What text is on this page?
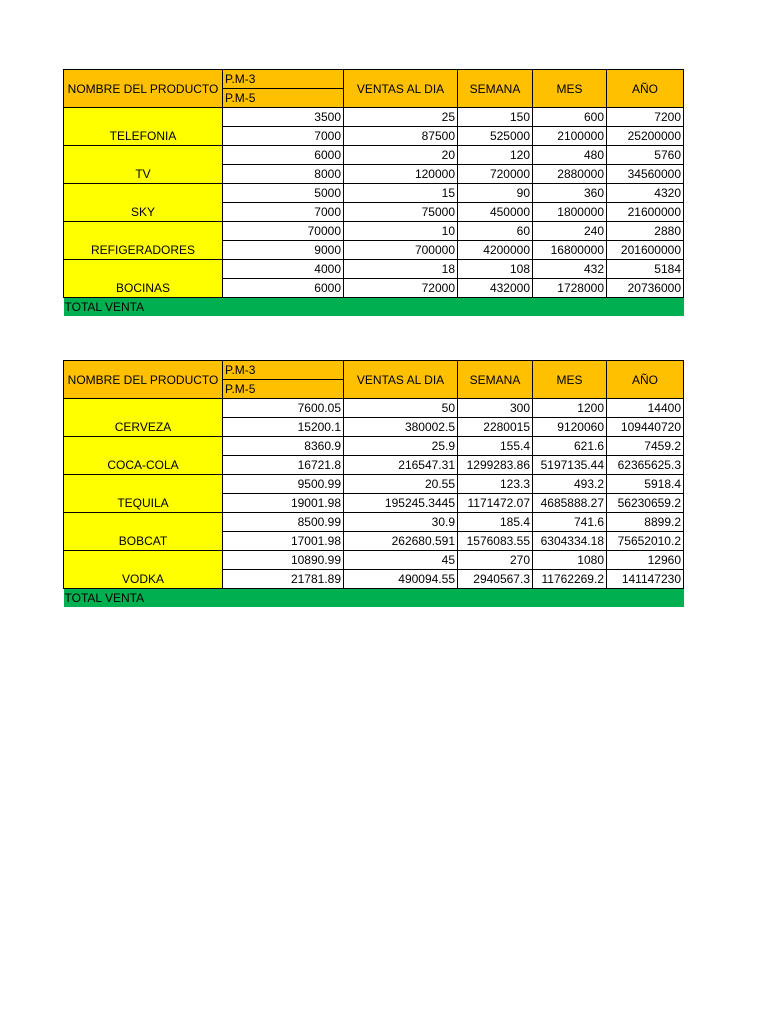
NOMBRE DEL PRODUCTO	P.M-3	VENTAS AL DIA	SEMANA	MES	AÑO
	P.M-5				
TELEFONIA	3500	25	150	600	7200
	7000	87500	525000	2100000	25200000
TV	6000	20	120	480	5760
	8000	120000	720000	2880000	34560000
SKY	5000	15	90	360	4320
	7000	75000	450000	1800000	21600000
REFIGERADORES	70000	10	60	240	2880
	9000	700000	4200000	16800000	201600000
BOCINAS	4000	18	108	432	5184
	6000	72000	432000	1728000	20736000
TOTAL VENTA					
NOMBRE DEL PRODUCTO	P.M-3	VENTAS AL DIA	SEMANA	MES	AÑO
	P.M-5				
CERVEZA	7600.05	50	300	1200	14400
	15200.1	380002.5	2280015	9120060	109440720
COCA-COLA	8360.9	25.9	155.4	621.6	7459.2
	16721.8	216547.31	1299283.86	5197135.44	62365625.3
TEQUILA	9500.99	20.55	123.3	493.2	5918.4
	19001.98	195245.3445	1171472.07	4685888.27	56230659.2
BOBCAT	8500.99	30.9	185.4	741.6	8899.2
	17001.98	262680.591	1576083.55	6304334.18	75652010.2
VODKA	10890.99	45	270	1080	12960
	21781.89	490094.55	2940567.3	11762269.2	141147230
TOTAL VENTA					
